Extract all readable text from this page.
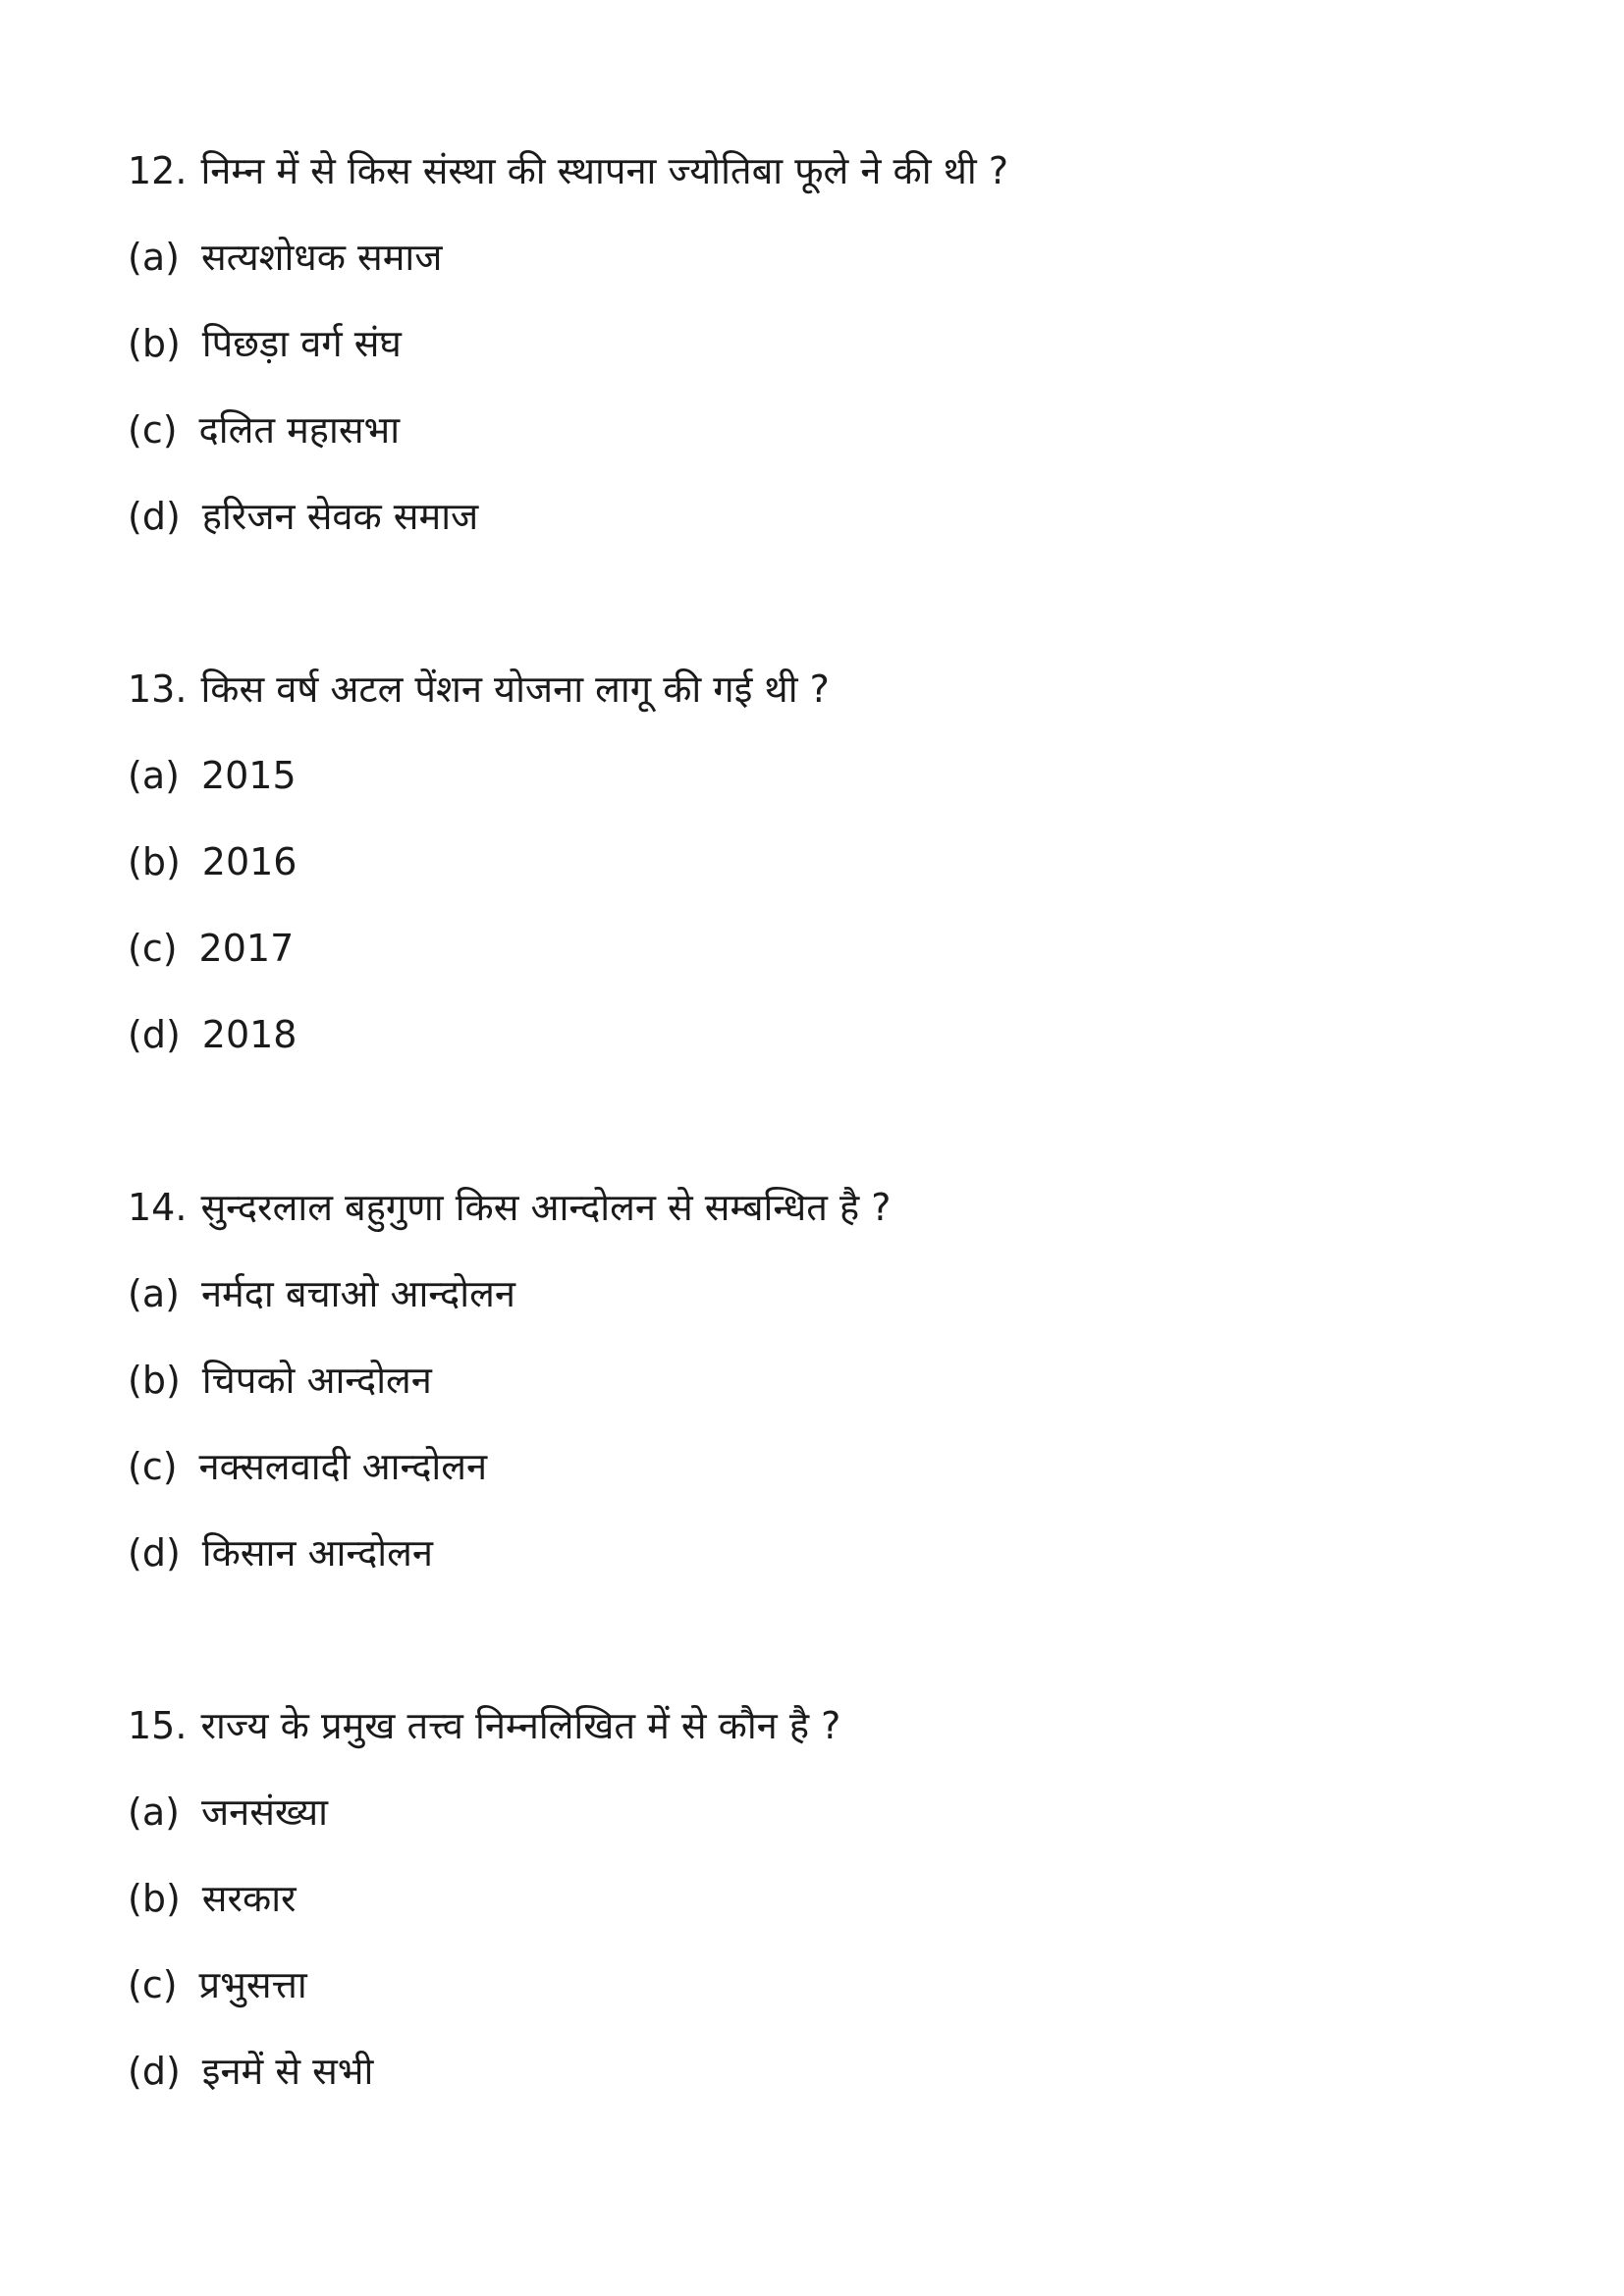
12. निम्न में से किस संस्था की स्थापना ज्योतिबा फूले ने की थी ?
(a) सत्यशोधक समाज
(b) पिछड़ा वर्ग संघ
(c) दलित महासभा
(d) हरिजन सेवक समाज
13. किस वर्ष अटल पेंशन योजना लागू की गई थी ?
(a) 2015
(b) 2016
(c) 2017
(d) 2018
14. सुन्दरलाल बहुगुणा किस आन्दोलन से सम्बन्धित है ?
(a) नर्मदा बचाओ आन्दोलन
(b) चिपको आन्दोलन
(c) नक्सलवादी आन्दोलन
(d) किसान आन्दोलन
15. राज्य के प्रमुख तत्त्व निम्नलिखित में से कौन है ?
(a) जनसंख्या
(b) सरकार
(c) प्रभुसत्ता
(d) इनमें से सभी
